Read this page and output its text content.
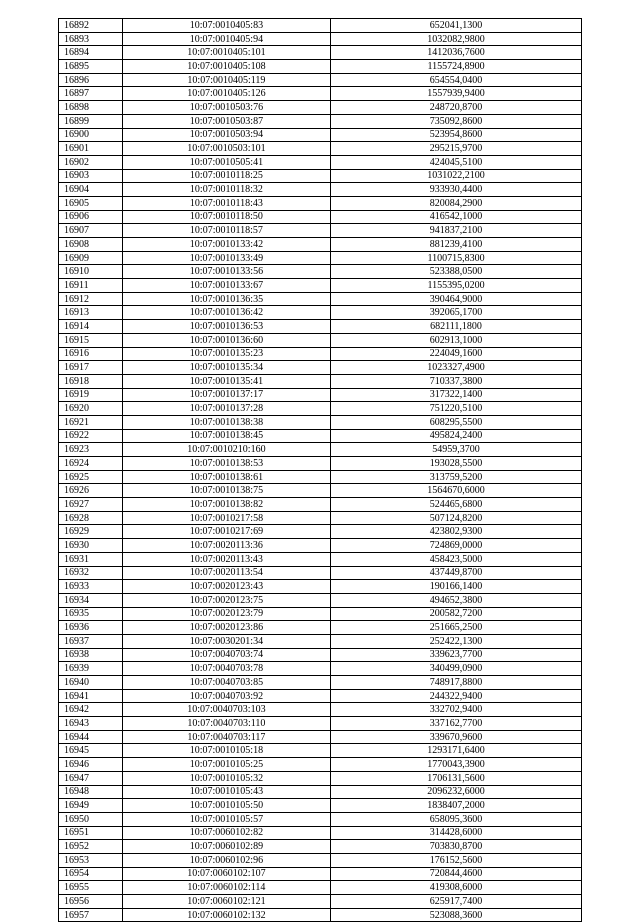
16892	10:07:0010405:83	652041,1300
16893	10:07:0010405:94	1032082,9800
16894	10:07:0010405:101	1412036,7600
16895	10:07:0010405:108	1155724,8900
16896	10:07:0010405:119	654554,0400
16897	10:07:0010405:126	1557939,9400
16898	10:07:0010503:76	248720,8700
16899	10:07:0010503:87	735092,8600
16900	10:07:0010503:94	523954,8600
16901	10:07:0010503:101	295215,9700
16902	10:07:0010505:41	424045,5100
16903	10:07:0010118:25	1031022,2100
16904	10:07:0010118:32	933930,4400
16905	10:07:0010118:43	820084,2900
16906	10:07:0010118:50	416542,1000
16907	10:07:0010118:57	941837,2100
16908	10:07:0010133:42	881239,4100
16909	10:07:0010133:49	1100715,8300
16910	10:07:0010133:56	523388,0500
16911	10:07:0010133:67	1155395,0200
16912	10:07:0010136:35	390464,9000
16913	10:07:0010136:42	392065,1700
16914	10:07:0010136:53	682111,1800
16915	10:07:0010136:60	602913,1000
16916	10:07:0010135:23	224049,1600
16917	10:07:0010135:34	1023327,4900
16918	10:07:0010135:41	710337,3800
16919	10:07:0010137:17	317322,1400
16920	10:07:0010137:28	751220,5100
16921	10:07:0010138:38	608295,5500
16922	10:07:0010138:45	495824,2400
16923	10:07:0010210:160	54959,3700
16924	10:07:0010138:53	193028,5500
16925	10:07:0010138:61	313759,5200
16926	10:07:0010138:75	1564670,6000
16927	10:07:0010138:82	524465,6800
16928	10:07:0010217:58	507124,8200
16929	10:07:0010217:69	423802,9300
16930	10:07:0020113:36	724869,0000
16931	10:07:0020113:43	458423,5000
16932	10:07:0020113:54	437449,8700
16933	10:07:0020123:43	190166,1400
16934	10:07:0020123:75	494652,3800
16935	10:07:0020123:79	200582,7200
16936	10:07:0020123:86	251665,2500
16937	10:07:0030201:34	252422,1300
16938	10:07:0040703:74	339623,7700
16939	10:07:0040703:78	340499,0900
16940	10:07:0040703:85	748917,8800
16941	10:07:0040703:92	244322,9400
16942	10:07:0040703:103	332702,9400
16943	10:07:0040703:110	337162,7700
16944	10:07:0040703:117	339670,9600
16945	10:07:0010105:18	1293171,6400
16946	10:07:0010105:25	1770043,3900
16947	10:07:0010105:32	1706131,5600
16948	10:07:0010105:43	2096232,6000
16949	10:07:0010105:50	1838407,2000
16950	10:07:0010105:57	658095,3600
16951	10:07:0060102:82	314428,6000
16952	10:07:0060102:89	703830,8700
16953	10:07:0060102:96	176152,5600
16954	10:07:0060102:107	720844,4600
16955	10:07:0060102:114	419308,6000
16956	10:07:0060102:121	625917,7400
16957	10:07:0060102:132	523088,3600
